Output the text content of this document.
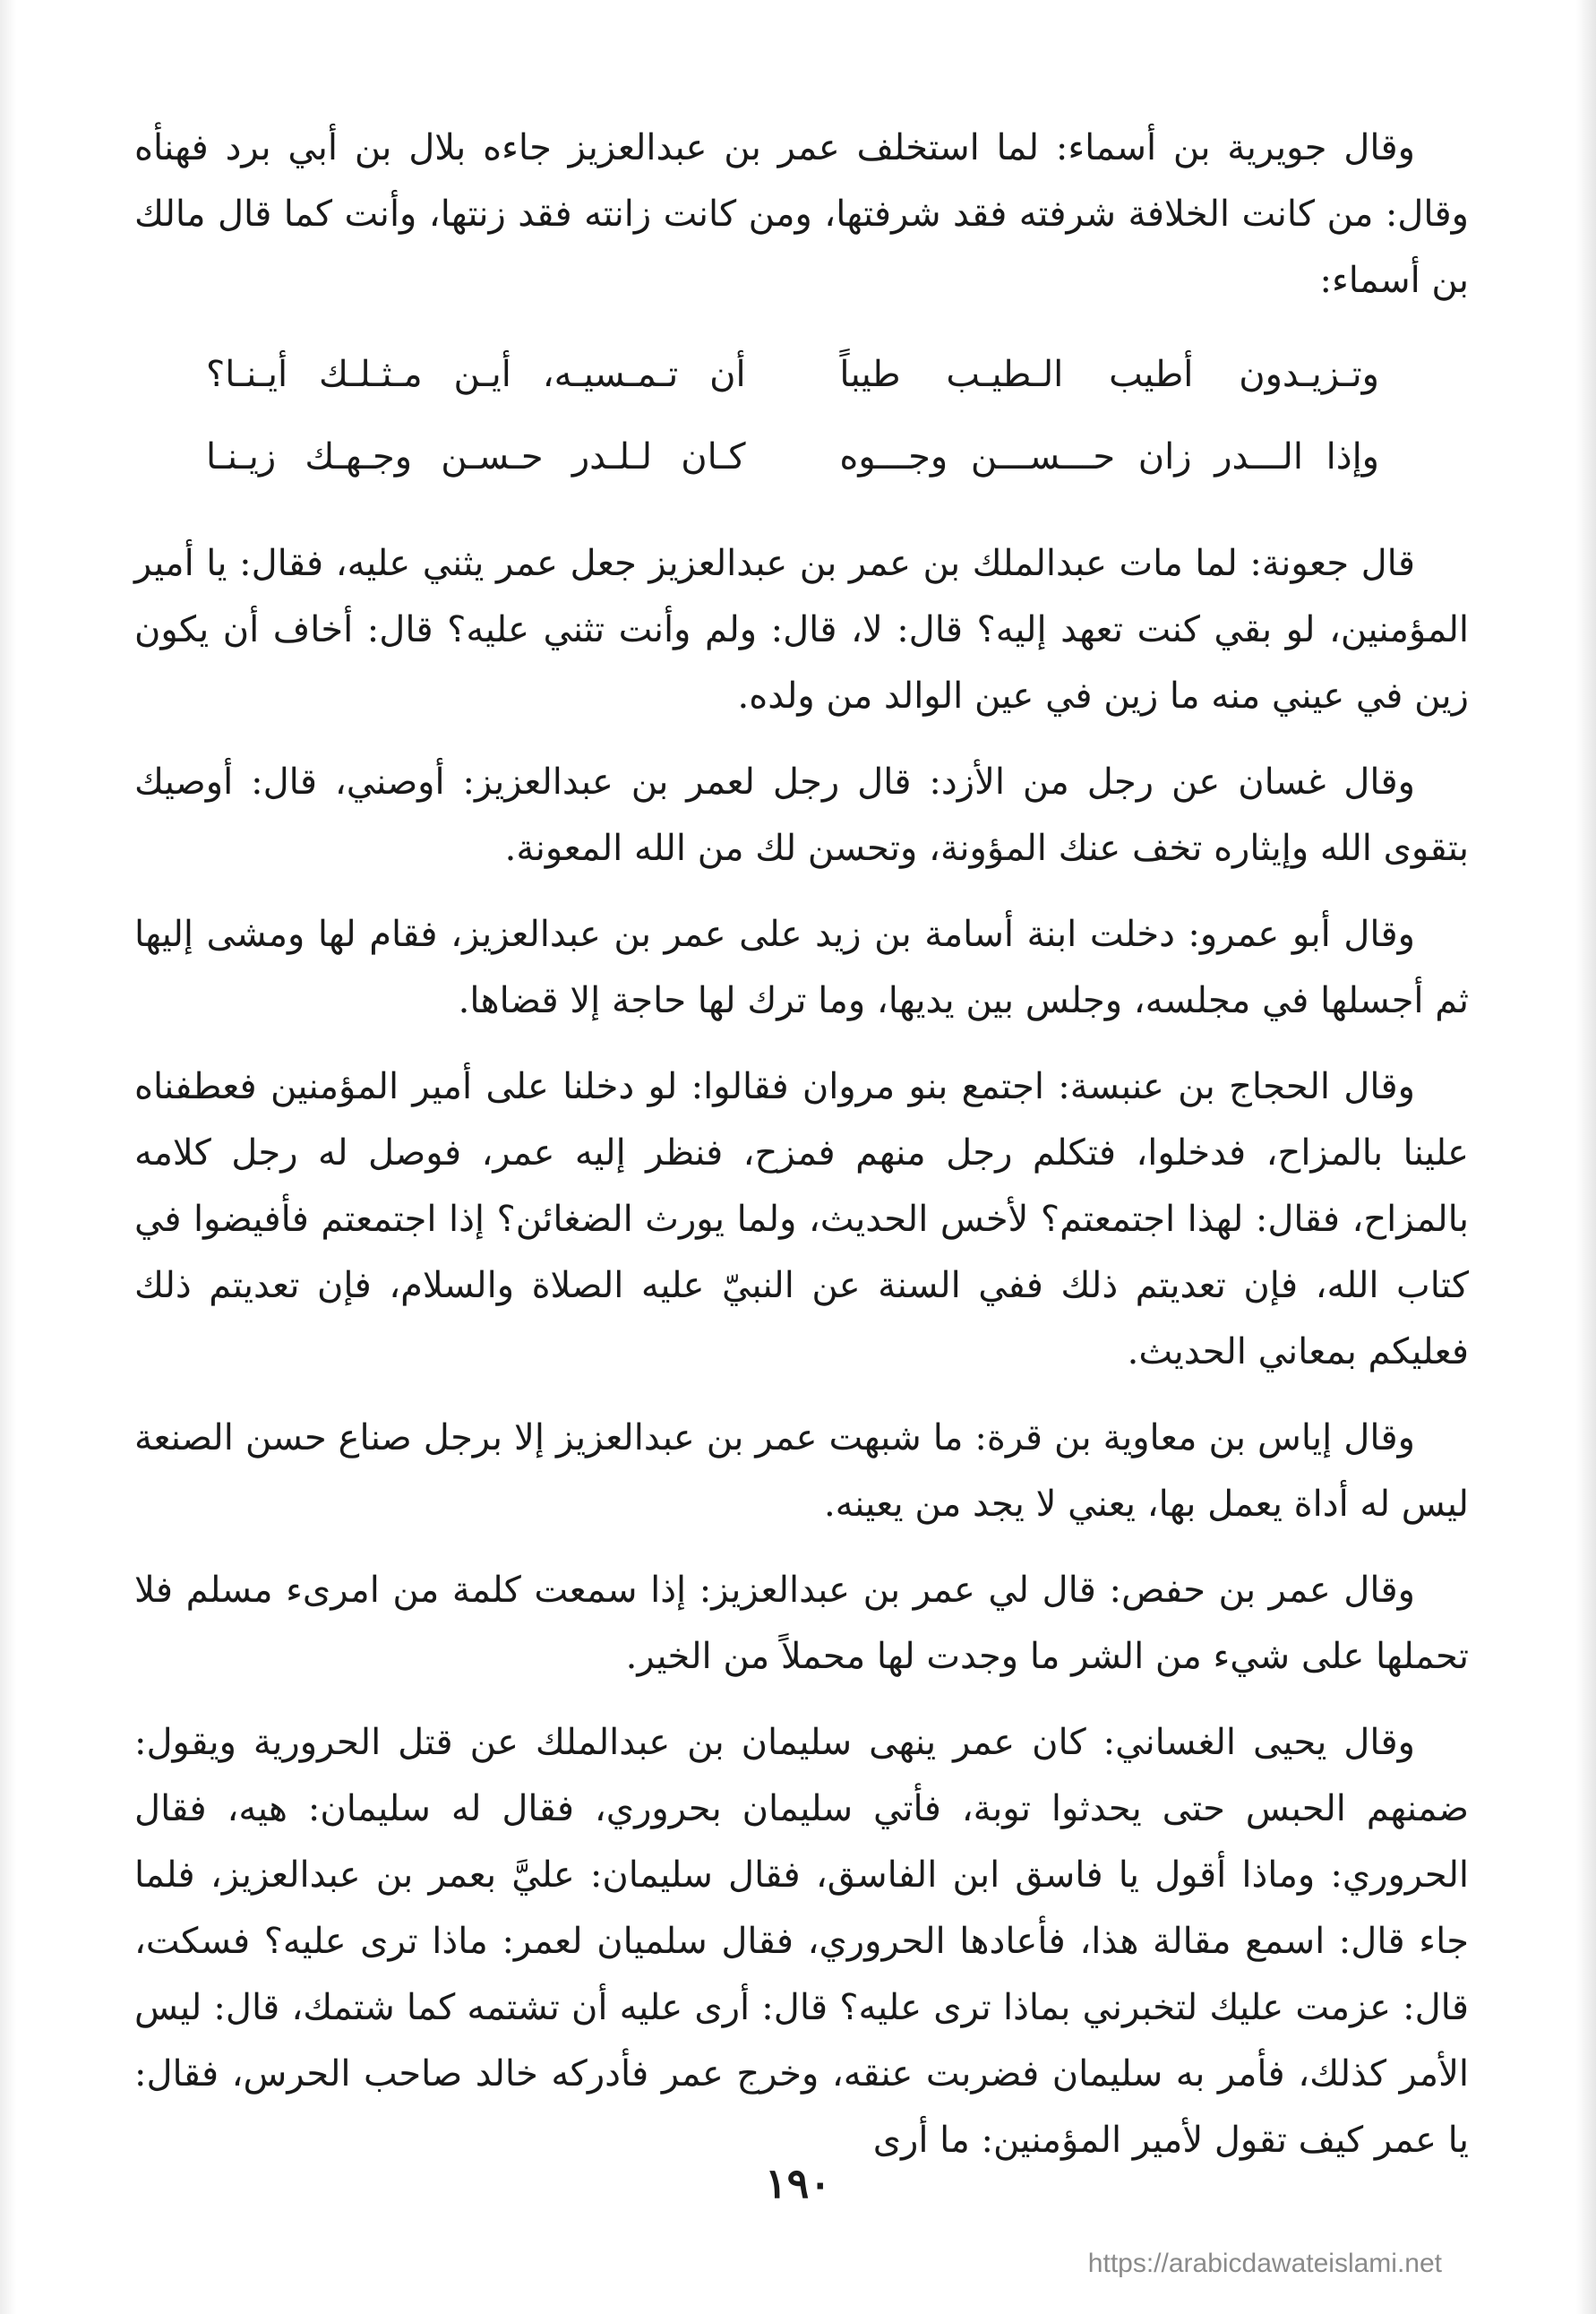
وقال جويرية بن أسماء: لما استخلف عمر بن عبدالعزيز جاءه بلال بن أبي برد فهنأه وقال: من كانت الخلافة شرفته فقد شرفتها، ومن كانت زانته فقد زنتها، وأنت كما قال مالك بن أسماء:

وتـزيـدون أطيب الـطيـب طيباً
أن تـمـسيـه، أيـن مـثـلـك أيـنـا؟
وإذا الـــدر زان حـــســـن وجـــوه
كـان لـلـدر حـسـن وجـهـك زيـنـا

قال جعونة: لما مات عبدالملك بن عمر بن عبدالعزيز جعل عمر يثني عليه، فقال: يا أمير المؤمنين، لو بقي كنت تعهد إليه؟ قال: لا، قال: ولم وأنت تثني عليه؟ قال: أخاف أن يكون زين في عيني منه ما زين في عين الوالد من ولده.

وقال غسان عن رجل من الأزد: قال رجل لعمر بن عبدالعزيز: أوصني، قال: أوصيك بتقوى الله وإيثاره تخف عنك المؤونة، وتحسن لك من الله المعونة.

وقال أبو عمرو: دخلت ابنة أسامة بن زيد على عمر بن عبدالعزيز، فقام لها ومشى إليها ثم أجسلها في مجلسه، وجلس بين يديها، وما ترك لها حاجة إلا قضاها.

وقال الحجاج بن عنبسة: اجتمع بنو مروان فقالوا: لو دخلنا على أمير المؤمنين فعطفناه علينا بالمزاح، فدخلوا، فتكلم رجل منهم فمزح، فنظر إليه عمر، فوصل له رجل كلامه بالمزاح، فقال: لهذا اجتمعتم؟ لأخس الحديث، ولما يورث الضغائن؟ إذا اجتمعتم فأفيضوا في كتاب الله، فإن تعديتم ذلك ففي السنة عن النبيّ عليه الصلاة والسلام، فإن تعديتم ذلك فعليكم بمعاني الحديث.

وقال إياس بن معاوية بن قرة: ما شبهت عمر بن عبدالعزيز إلا برجل صناع حسن الصنعة ليس له أداة يعمل بها، يعني لا يجد من يعينه.

وقال عمر بن حفص: قال لي عمر بن عبدالعزيز: إذا سمعت كلمة من امرىء مسلم فلا تحملها على شيء من الشر ما وجدت لها محملاً من الخير.

وقال يحيى الغساني: كان عمر ينهى سليمان بن عبدالملك عن قتل الحرورية ويقول: ضمنهم الحبس حتى يحدثوا توبة، فأتي سليمان بحروري، فقال له سليمان: هيه، فقال الحروري: وماذا أقول يا فاسق ابن الفاسق، فقال سليمان: عليَّ بعمر بن عبدالعزيز، فلما جاء قال: اسمع مقالة هذا، فأعادها الحروري، فقال سلميان لعمر: ماذا ترى عليه؟ فسكت، قال: عزمت عليك لتخبرني بماذا ترى عليه؟ قال: أرى عليه أن تشتمه كما شتمك، قال: ليس الأمر كذلك، فأمر به سليمان فضربت عنقه، وخرج عمر فأدركه خالد صاحب الحرس، فقال: يا عمر كيف تقول لأمير المؤمنين: ما أرى

١٩٠
https://arabicdawateislami.net
